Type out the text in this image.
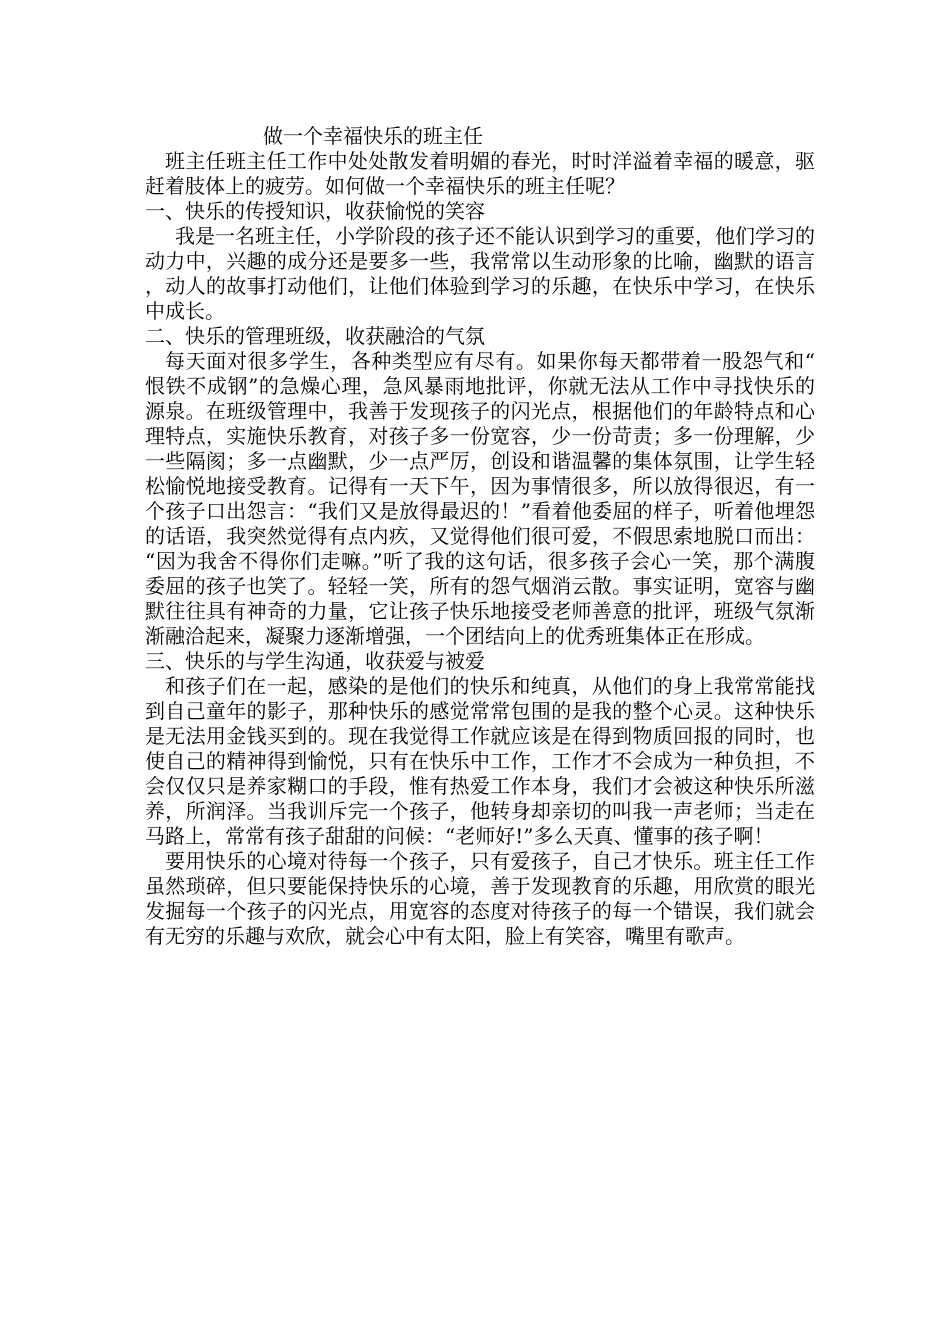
做一个幸福快乐的班主任

班主任班主任工作中处处散发着明媚的春光，时时洋溢着幸福的暖意，驱赶着肢体上的疲劳。如何做一个幸福快乐的班主任呢？

一、快乐的传授知识，收获愉悦的笑容

我是一名班主任，小学阶段的孩子还不能认识到学习的重要，他们学习的动力中，兴趣的成分还是要多一些，我常常以生动形象的比喻，幽默的语言，动人的故事打动他们，让他们体验到学习的乐趣，在快乐中学习，在快乐中成长。

二、快乐的管理班级，收获融洽的气氛

每天面对很多学生，各种类型应有尽有。如果你每天都带着一股怨气和“恨铁不成钢”的急燥心理，急风暴雨地批评，你就无法从工作中寻找快乐的源泉。在班级管理中，我善于发现孩子的闪光点，根据他们的年龄特点和心理特点，实施快乐教育，对孩子多一份宽容，少一份苛责；多一份理解，少一些隔阂；多一点幽默，少一点严厉，创设和谐温馨的集体氛围，让学生轻松愉悦地接受教育。记得有一天下午，因为事情很多，所以放得很迟，有一个孩子口出怨言：“我们又是放得最迟的！”看着他委屈的样子，听着他埋怨的话语，我突然觉得有点内疚，又觉得他们很可爱，不假思索地脱口而出：“因为我舍不得你们走嘛。”听了我的这句话，很多孩子会心一笑，那个满腹委屈的孩子也笑了。轻轻一笑，所有的怨气烟消云散。事实证明，宽容与幽默往往具有神奇的力量，它让孩子快乐地接受老师善意的批评，班级气氛渐渐融洽起来，凝聚力逐渐增强，一个团结向上的优秀班集体正在形成。

三、快乐的与学生沟通，收获爱与被爱

和孩子们在一起，感染的是他们的快乐和纯真，从他们的身上我常常能找到自己童年的影子，那种快乐的感觉常常包围的是我的整个心灵。这种快乐是无法用金钱买到的。现在我觉得工作就应该是在得到物质回报的同时，也使自己的精神得到愉悦，只有在快乐中工作，工作才不会成为一种负担，不会仅仅只是养家糊口的手段，惟有热爱工作本身，我们才会被这种快乐所滋养，所润泽。当我训斥完一个孩子，他转身却亲切的叫我一声老师；当走在马路上，常常有孩子甜甜的问候：“老师好!”多么天真、懂事的孩子啊！

要用快乐的心境对待每一个孩子，只有爱孩子，自己才快乐。班主任工作虽然琐碎，但只要能保持快乐的心境，善于发现教育的乐趣，用欣赏的眼光发掘每一个孩子的闪光点，用宽容的态度对待孩子的每一个错误，我们就会有无穷的乐趣与欢欣，就会心中有太阳，脸上有笑容，嘴里有歌声。
